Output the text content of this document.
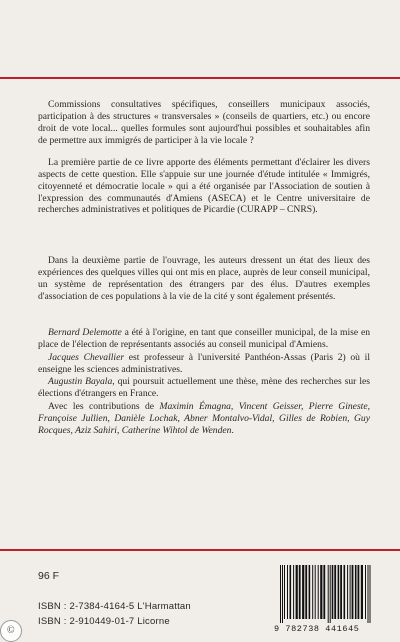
Commissions consultatives spécifiques, conseillers municipaux associés, participation à des structures « transversales » (conseils de quartiers, etc.) ou encore droit de vote local... quelles formules sont aujourd'hui possibles et souhaitables afin de permettre aux immigrés de participer à la vie locale ?

La première partie de ce livre apporte des éléments permettant d'éclairer les divers aspects de cette question. Elle s'appuie sur une journée d'étude intitulée « Immigrés, citoyenneté et démocratie locale » qui a été organisée par l'Association de soutien à l'expression des communautés d'Amiens (ASECA) et le Centre universitaire de recherches administratives et politiques de Picardie (CURAPP – CNRS).

Dans la deuxième partie de l'ouvrage, les auteurs dressent un état des lieux des expériences des quelques villes qui ont mis en place, auprès de leur conseil municipal, un système de représentation des étrangers par des élus. D'autres exemples d'association de ces populations à la vie de la cité y sont également présentés.

Bernard Delemotte a été à l'origine, en tant que conseiller municipal, de la mise en place de l'élection de représentants associés au conseil municipal d'Amiens.

Jacques Chevallier est professeur à l'université Panthéon-Assas (Paris 2) où il enseigne les sciences administratives.

Augustin Bayala, qui poursuit actuellement une thèse, mène des recherches sur les élections d'étrangers en France.

Avec les contributions de Maximin Émagna, Vincent Geisser, Pierre Gineste, Françoise Jullien, Danièle Lochak, Abner Montalvo-Vidal, Gilles de Robien, Guy Rocques, Aziz Sahiri, Catherine Wihtol de Wenden.

96 F
ISBN : 2-7384-4164-5 L'Harmattan
ISBN : 2-910449-01-7 Licorne
9 782738 441645
©
